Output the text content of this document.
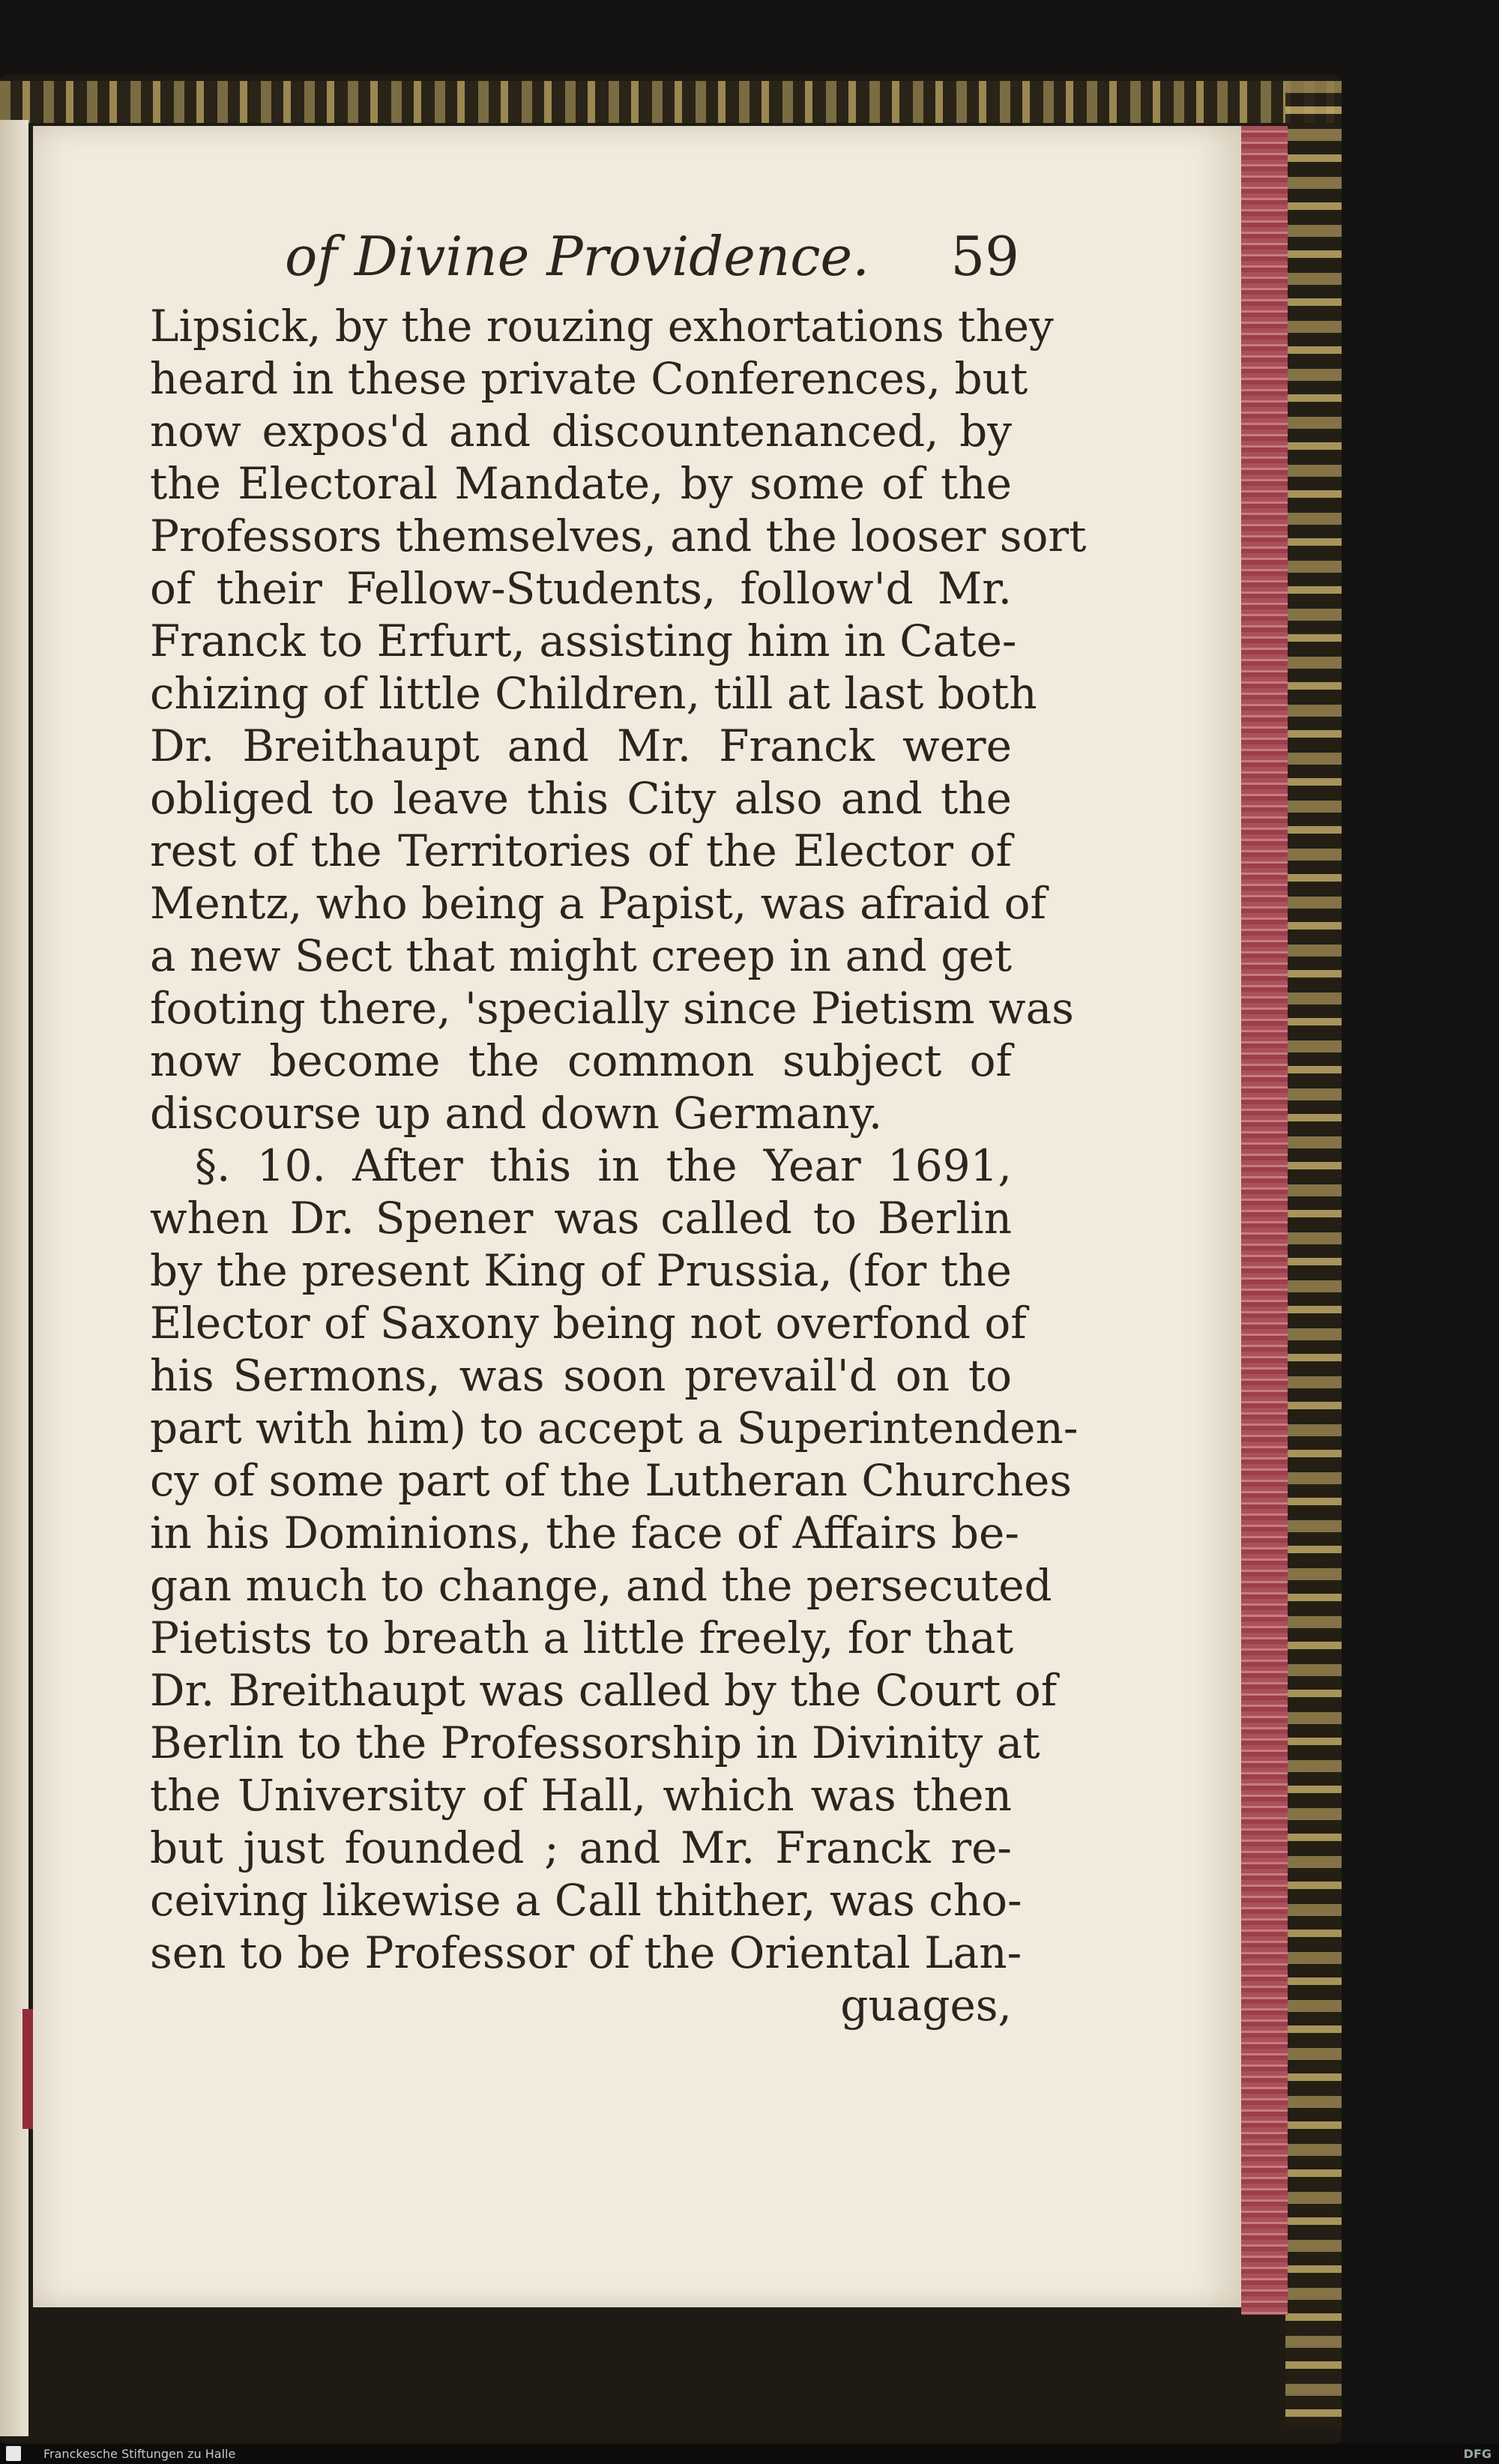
of Divine Providence. 59
Lipsick, by the rouzing exhortations they
heard in these private Conferences, but
now expos'd and discountenanced, by
the Electoral Mandate, by some of the
Professors themselves, and the looser sort
of their Fellow-Students, follow'd Mr.
Franck to Erfurt, assisting him in Cate-
chizing of little Children, till at last both
Dr. Breithaupt and Mr. Franck were
obliged to leave this City also and the
rest of the Territories of the Elector of
Mentz, who being a Papist, was afraid of
a new Sect that might creep in and get
footing there, 'specially since Pietism was
now become the common subject of
discourse up and down Germany.
§. 10. After this in the Year 1691,
when Dr. Spener was called to Berlin
by the present King of Prussia, (for the
Elector of Saxony being not overfond of
his Sermons, was soon prevail'd on to
part with him) to accept a Superintenden-
cy of some part of the Lutheran Churches
in his Dominions, the face of Affairs be-
gan much to change, and the persecuted
Pietists to breath a little freely, for that
Dr. Breithaupt was called by the Court of
Berlin to the Professorship in Divinity at
the University of Hall, which was then
but just founded ; and Mr. Franck re-
ceiving likewise a Call thither, was cho-
sen to be Professor of the Oriental Lan-
guages,
Franckesche Stiftungen zu Halle	DFG
